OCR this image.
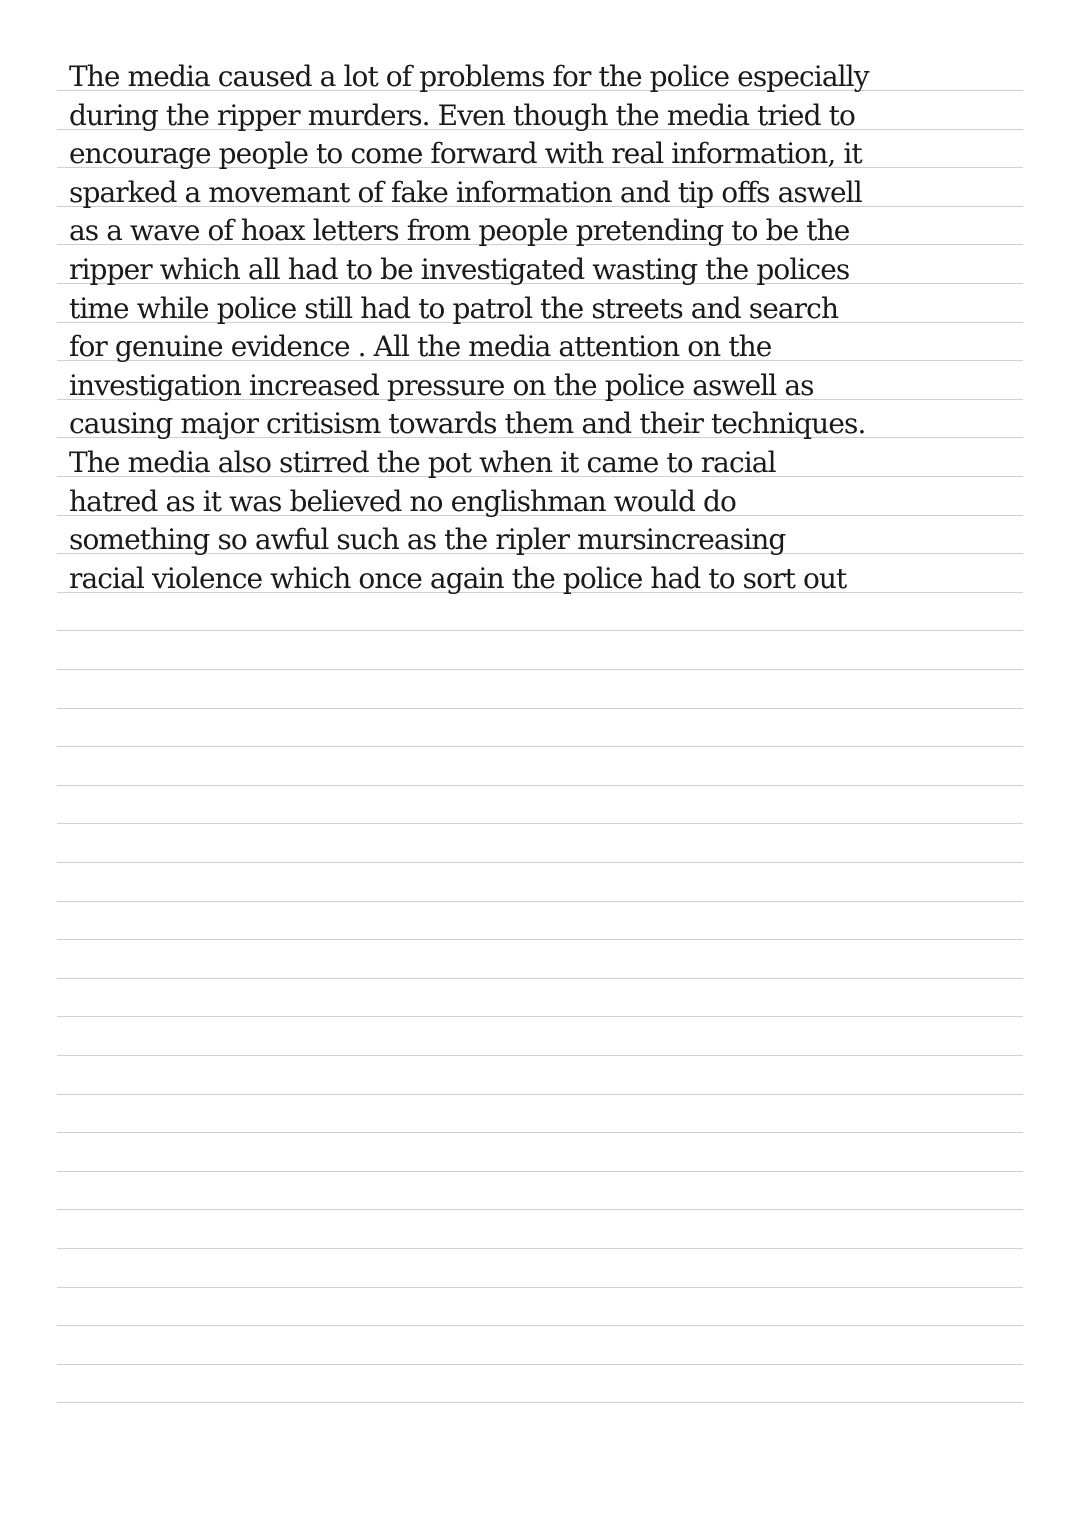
The media caused a lot of problems for the police especially
during the ripper murders. Even though the media tried to
encourage people to come forward with real information, it
sparked a movemant of fake information and tip offs aswell
as a wave of hoax letters from people pretending to be the
ripper which all had to be investigated wasting the polices
time while police still had to patrol the streets and search
for genuine evidence . All the media attention on the
investigation increased pressure on the police aswell as
causing major critisism towards them and their techniques.
The media also stirred the pot when it came to racial
hatred as it was believed no englishman would do
something so awful such as the ripler mursincreasing
racial violence which once again the police had to sort out
